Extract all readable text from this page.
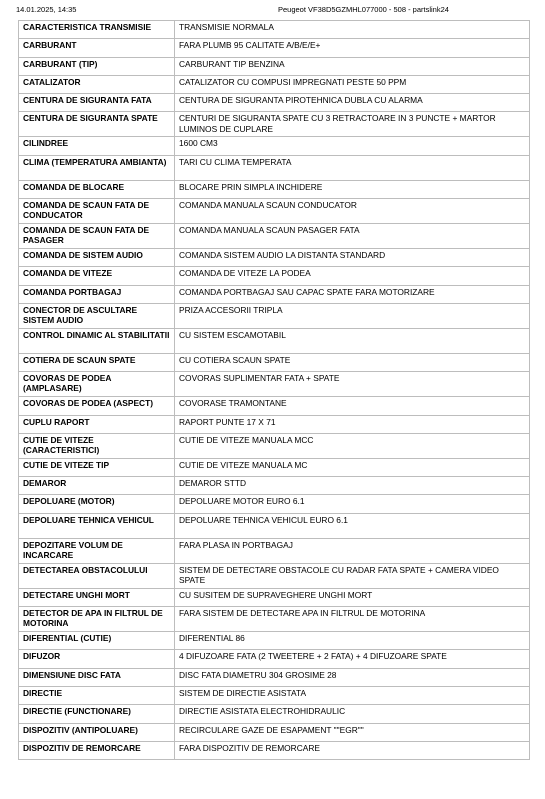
14.01.2025, 14:35	Peugeot VF38D5GZMHL077000 - 508 - partslink24
CARACTERISTICA TRANSMISIE	TRANSMISIE NORMALA
CARBURANT	FARA PLUMB 95 CALITATE A/B/E/E+
CARBURANT (TIP)	CARBURANT TIP BENZINA
CATALIZATOR	CATALIZATOR CU COMPUSI IMPREGNATI PESTE 50 PPM
CENTURA DE SIGURANTA FATA	CENTURA DE SIGURANTA PIROTEHNICA DUBLA CU ALARMA
CENTURA DE SIGURANTA SPATE	CENTURI DE SIGURANTA SPATE CU 3 RETRACTOARE IN 3 PUNCTE + MARTOR LUMINOS DE CUPLARE
CILINDREE	1600 CM3
CLIMA (TEMPERATURA AMBIANTA)	TARI CU CLIMA TEMPERATA
COMANDA DE BLOCARE	BLOCARE PRIN SIMPLA INCHIDERE
COMANDA DE SCAUN FATA DE CONDUCATOR	COMANDA MANUALA SCAUN CONDUCATOR
COMANDA DE SCAUN FATA DE PASAGER	COMANDA MANUALA SCAUN PASAGER FATA
COMANDA DE SISTEM AUDIO	COMANDA SISTEM AUDIO LA DISTANTA STANDARD
COMANDA DE VITEZE	COMANDA DE VITEZE LA PODEA
COMANDA PORTBAGAJ	COMANDA PORTBAGAJ SAU CAPAC SPATE FARA MOTORIZARE
CONECTOR DE ASCULTARE SISTEM AUDIO	PRIZA ACCESORII TRIPLA
CONTROL DINAMIC AL STABILITATII	CU SISTEM ESCAMOTABIL
COTIERA DE SCAUN SPATE	CU COTIERA SCAUN SPATE
COVORAS DE PODEA (AMPLASARE)	COVORAS SUPLIMENTAR FATA + SPATE
COVORAS DE PODEA (ASPECT)	COVORASE TRAMONTANE
CUPLU RAPORT	RAPORT PUNTE 17 X 71
CUTIE DE VITEZE (CARACTERISTICI)	CUTIE DE VITEZE MANUALA MCC
CUTIE DE VITEZE TIP	CUTIE DE VITEZE MANUALA MC
DEMAROR	DEMAROR STTD
DEPOLUARE (MOTOR)	DEPOLUARE MOTOR EURO 6.1
DEPOLUARE TEHNICA VEHICUL	DEPOLUARE TEHNICA VEHICUL EURO 6.1
DEPOZITARE VOLUM DE INCARCARE	FARA PLASA IN PORTBAGAJ
DETECTAREA OBSTACOLULUI	SISTEM DE DETECTARE OBSTACOLE CU RADAR FATA SPATE + CAMERA VIDEO SPATE
DETECTARE UNGHI MORT	CU SUSITEM DE SUPRAVEGHERE UNGHI MORT
DETECTOR DE APA IN FILTRUL DE MOTORINA	FARA SISTEM DE DETECTARE APA IN FILTRUL DE MOTORINA
DIFERENTIAL (CUTIE)	DIFERENTIAL 86
DIFUZOR	4 DIFUZOARE FATA (2 TWEETERE + 2 FATA) + 4 DIFUZOARE SPATE
DIMENSIUNE DISC FATA	DISC FATA DIAMETRU 304 GROSIME 28
DIRECTIE	SISTEM DE DIRECTIE ASISTATA
DIRECTIE (FUNCTIONARE)	DIRECTIE ASISTATA ELECTROHIDRAULIC
DISPOZITIV (ANTIPOLUARE)	RECIRCULARE GAZE DE ESAPAMENT ""EGR""
DISPOZITIV DE REMORCARE	FARA DISPOZITIV DE REMORCARE
